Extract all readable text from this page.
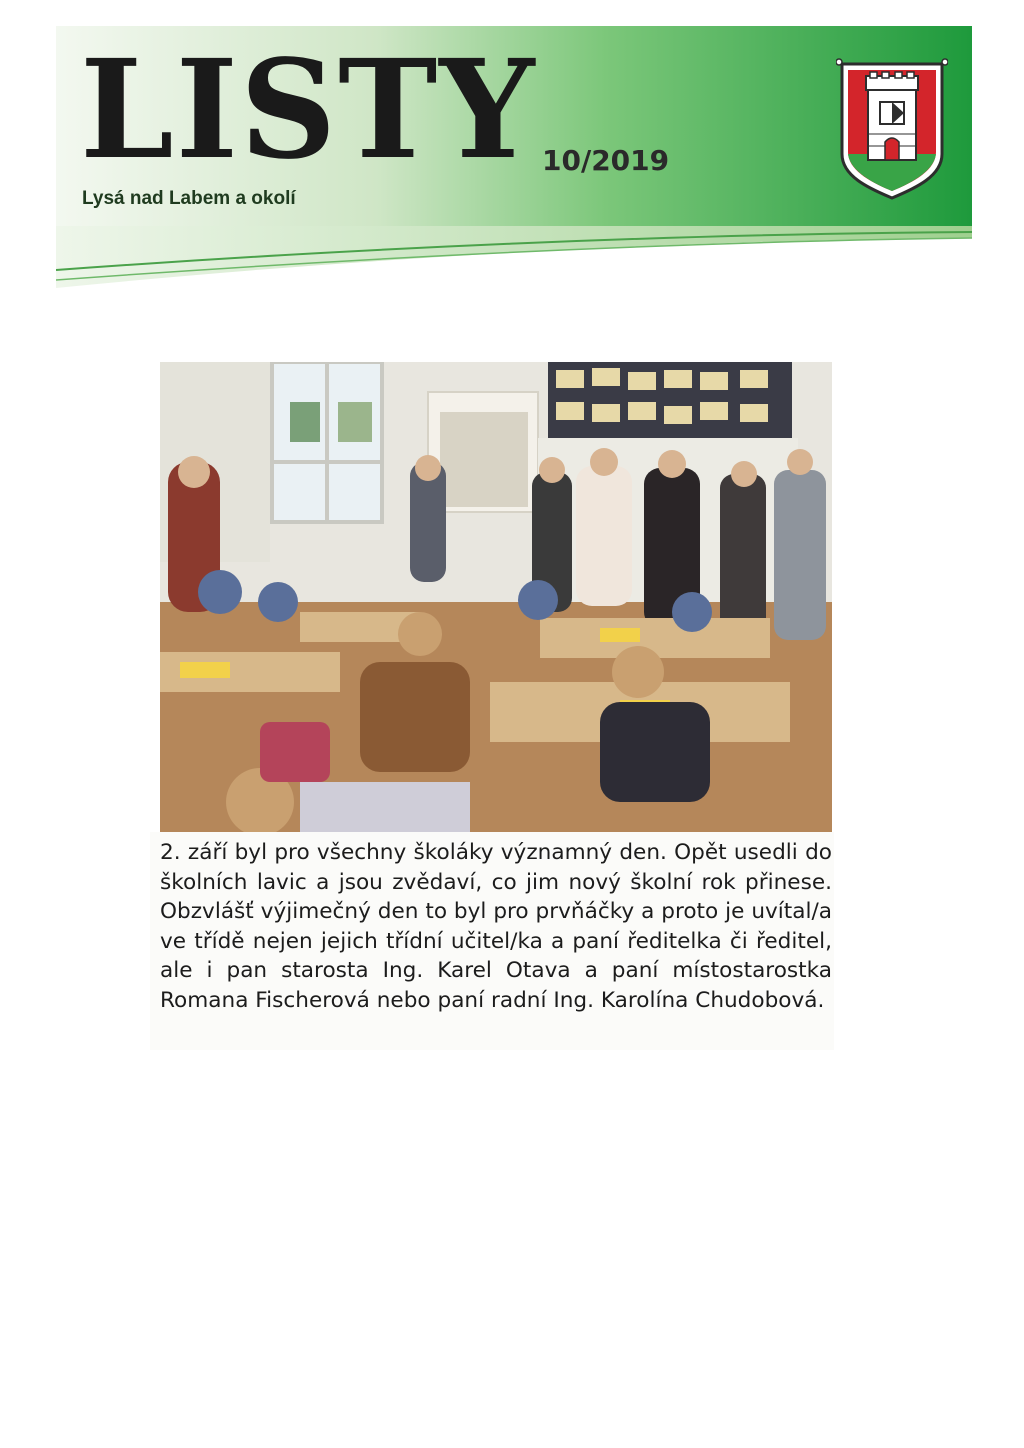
LISTY 10/2019
Lysá nad Labem a okolí

2. září byl pro všechny školáky významný den. Opět usedli do školních lavic a jsou zvědaví, co jim nový školní rok přinese. Obzvlášť výjimečný den to byl pro prvňáčky a proto je uvítal/a ve třídě nejen jejich třídní učitel/ka a paní ředitelka či ředitel, ale i pan starosta Ing. Karel Otava a paní místostarostka Romana Fischerová nebo paní radní Ing. Karolína Chudobová.
